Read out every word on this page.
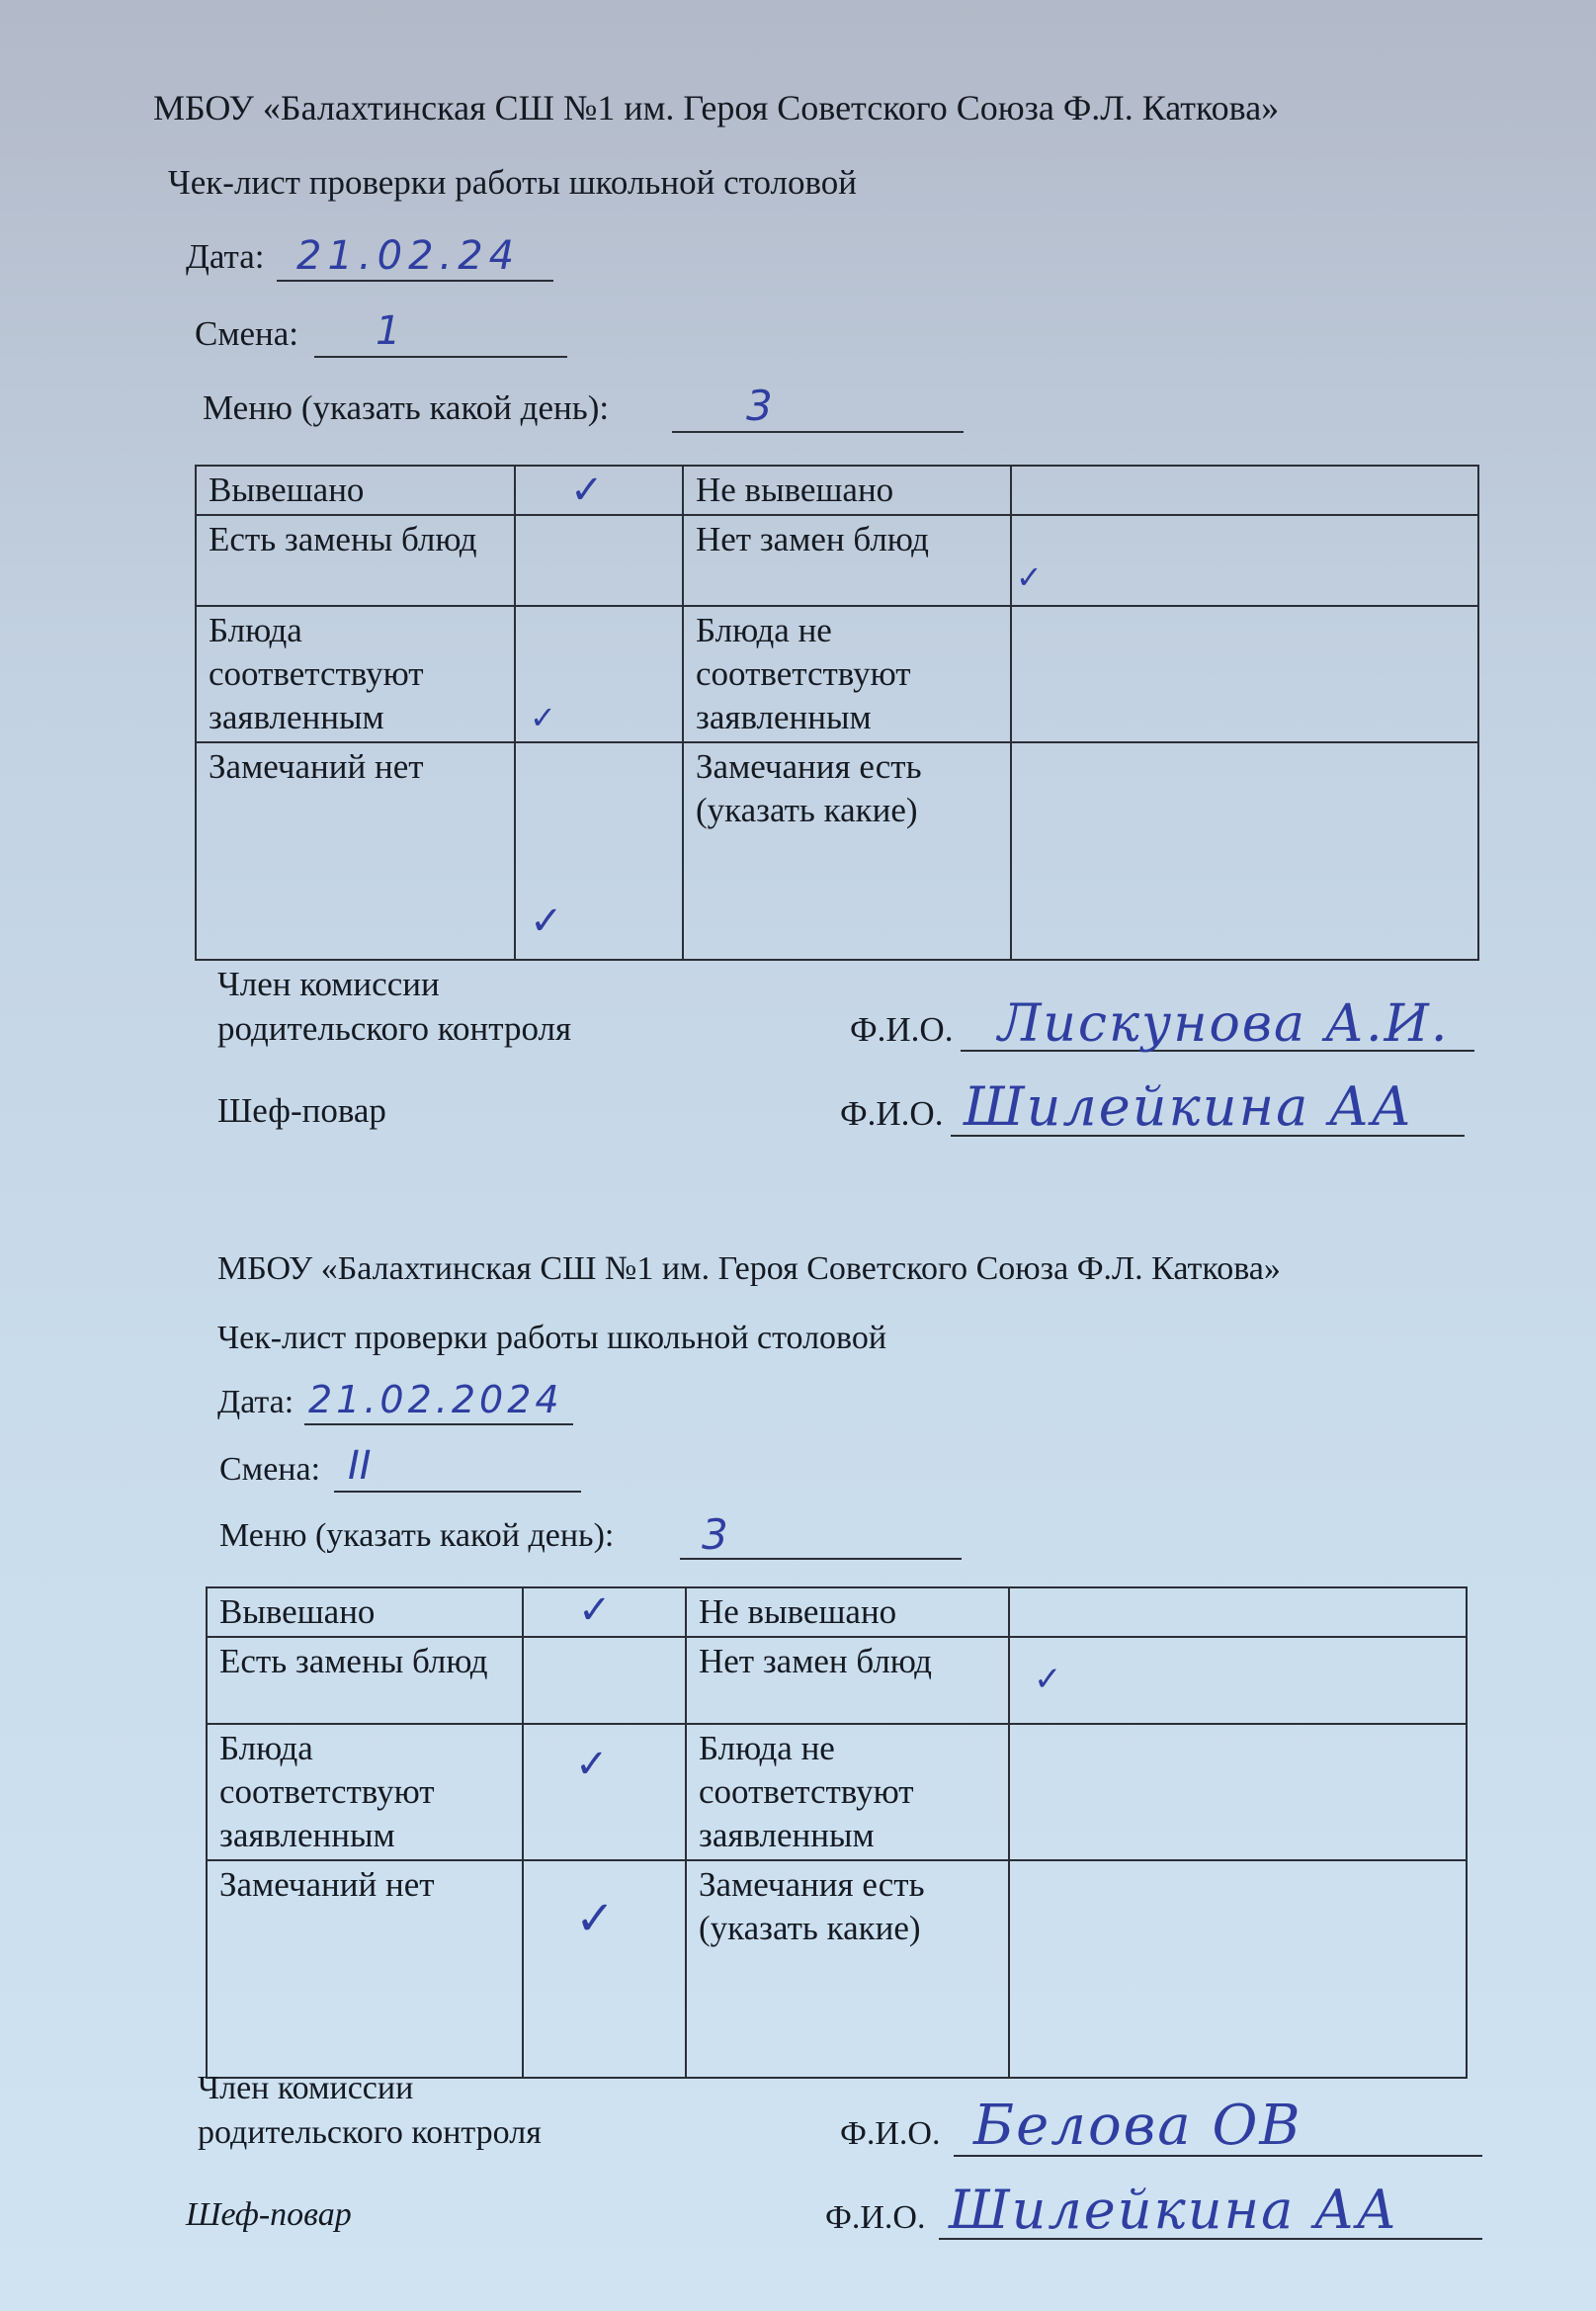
МБОУ «Балахтинская СШ №1 им. Героя Советского Союза Ф.Л. Каткова»
Чек-лист проверки работы школьной столовой
Дата: 21.02.24
Смена: 1
Меню (указать какой день):	3
Вывешано	✓	Не вывешано	

Есть замены блюд		Нет замен блюд	✓

Блюда соответствуют заявленным	✓	Блюда не соответствуют заявленным	

Замечаний нет	✓	Замечания есть (указать какие)	
Член комиссии родительского контроля	Ф.И.О. Лискунова А.И.
Шеф-повар	Ф.И.О. Шилейкина АА
МБОУ «Балахтинская СШ №1 им. Героя Советского Союза Ф.Л. Каткова»
Чек-лист проверки работы школьной столовой
Дата: 21.02.2024
Смена: II
Меню (указать какой день): 3
Вывешано	✓	Не вывешано	

Есть замены блюд		Нет замен блюд	✓

Блюда соответствуют заявленным	✓	Блюда не соответствуют заявленным	

Замечаний нет	✓	Замечания есть (указать какие)	
Член комиссии родительского контроля	Ф.И.О. Белова ОВ
Шеф-повар	Ф.И.О. Шилейкина АА
